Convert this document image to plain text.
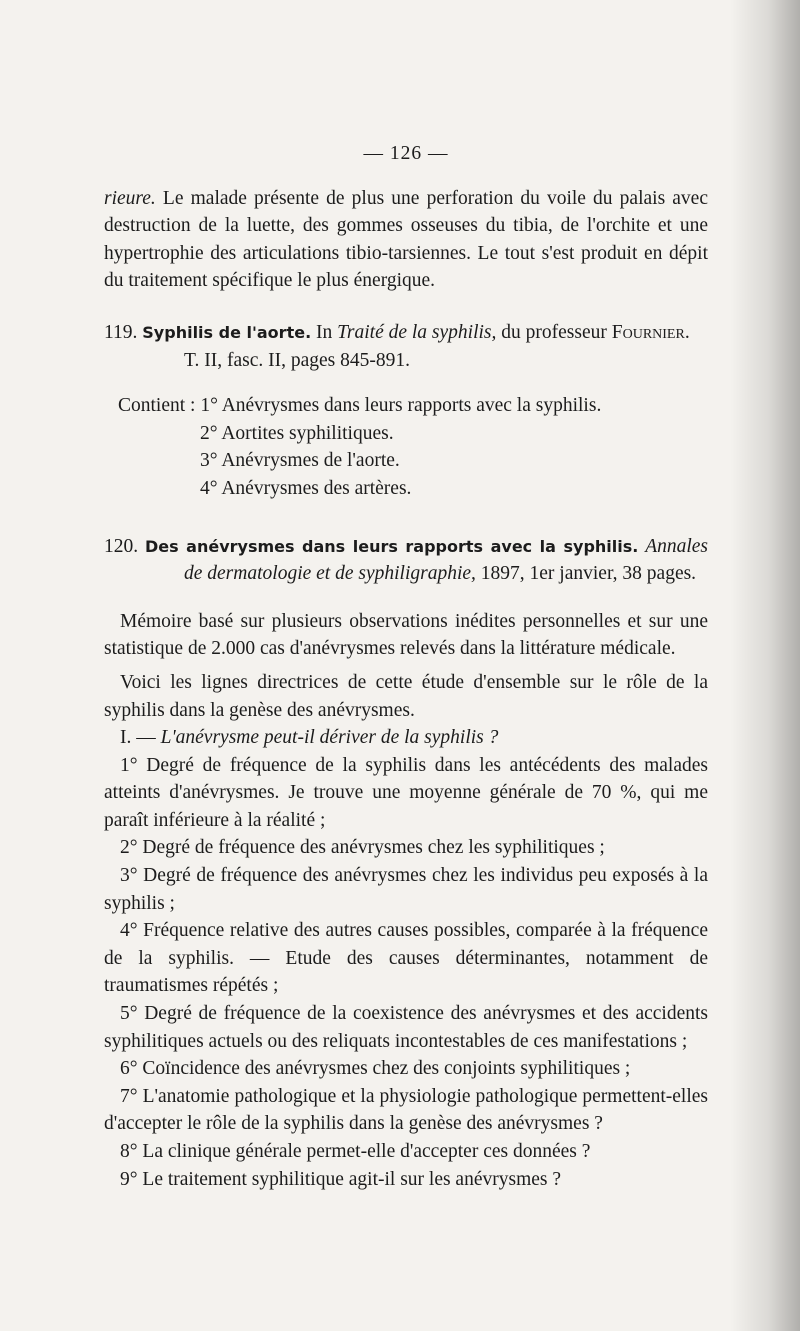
— 126 —

rieure. Le malade présente de plus une perforation du voile du palais avec destruction de la luette, des gommes osseuses du tibia, de l'orchite et une hypertrophie des articulations tibio-tarsiennes. Le tout s'est produit en dépit du traitement spécifique le plus énergique.

119. Syphilis de l'aorte. In Traité de la syphilis, du professeur Fournier.
T. II, fasc. II, pages 845-891.

Contient : 1° Anévrysmes dans leurs rapports avec la syphilis.
2° Aortites syphilitiques.
3° Anévrysmes de l'aorte.
4° Anévrysmes des artères.

120. Des anévrysmes dans leurs rapports avec la syphilis. Annales de dermatologie et de syphiligraphie, 1897, 1er janvier, 38 pages.

Mémoire basé sur plusieurs observations inédites personnelles et sur une statistique de 2.000 cas d'anévrysmes relevés dans la littérature médicale.

Voici les lignes directrices de cette étude d'ensemble sur le rôle de la syphilis dans la genèse des anévrysmes.

I. — L'anévrysme peut-il dériver de la syphilis ?

1° Degré de fréquence de la syphilis dans les antécédents des malades atteints d'anévrysmes. Je trouve une moyenne générale de 70 %, qui me paraît inférieure à la réalité ;

2° Degré de fréquence des anévrysmes chez les syphilitiques ;

3° Degré de fréquence des anévrysmes chez les individus peu exposés à la syphilis ;

4° Fréquence relative des autres causes possibles, comparée à la fréquence de la syphilis. — Etude des causes déterminantes, notamment de traumatismes répétés ;

5° Degré de fréquence de la coexistence des anévrysmes et des accidents syphilitiques actuels ou des reliquats incontestables de ces manifestations ;

6° Coïncidence des anévrysmes chez des conjoints syphilitiques ;

7° L'anatomie pathologique et la physiologie pathologique permettent-elles d'accepter le rôle de la syphilis dans la genèse des anévrysmes ?

8° La clinique générale permet-elle d'accepter ces données ?

9° Le traitement syphilitique agit-il sur les anévrysmes ?
